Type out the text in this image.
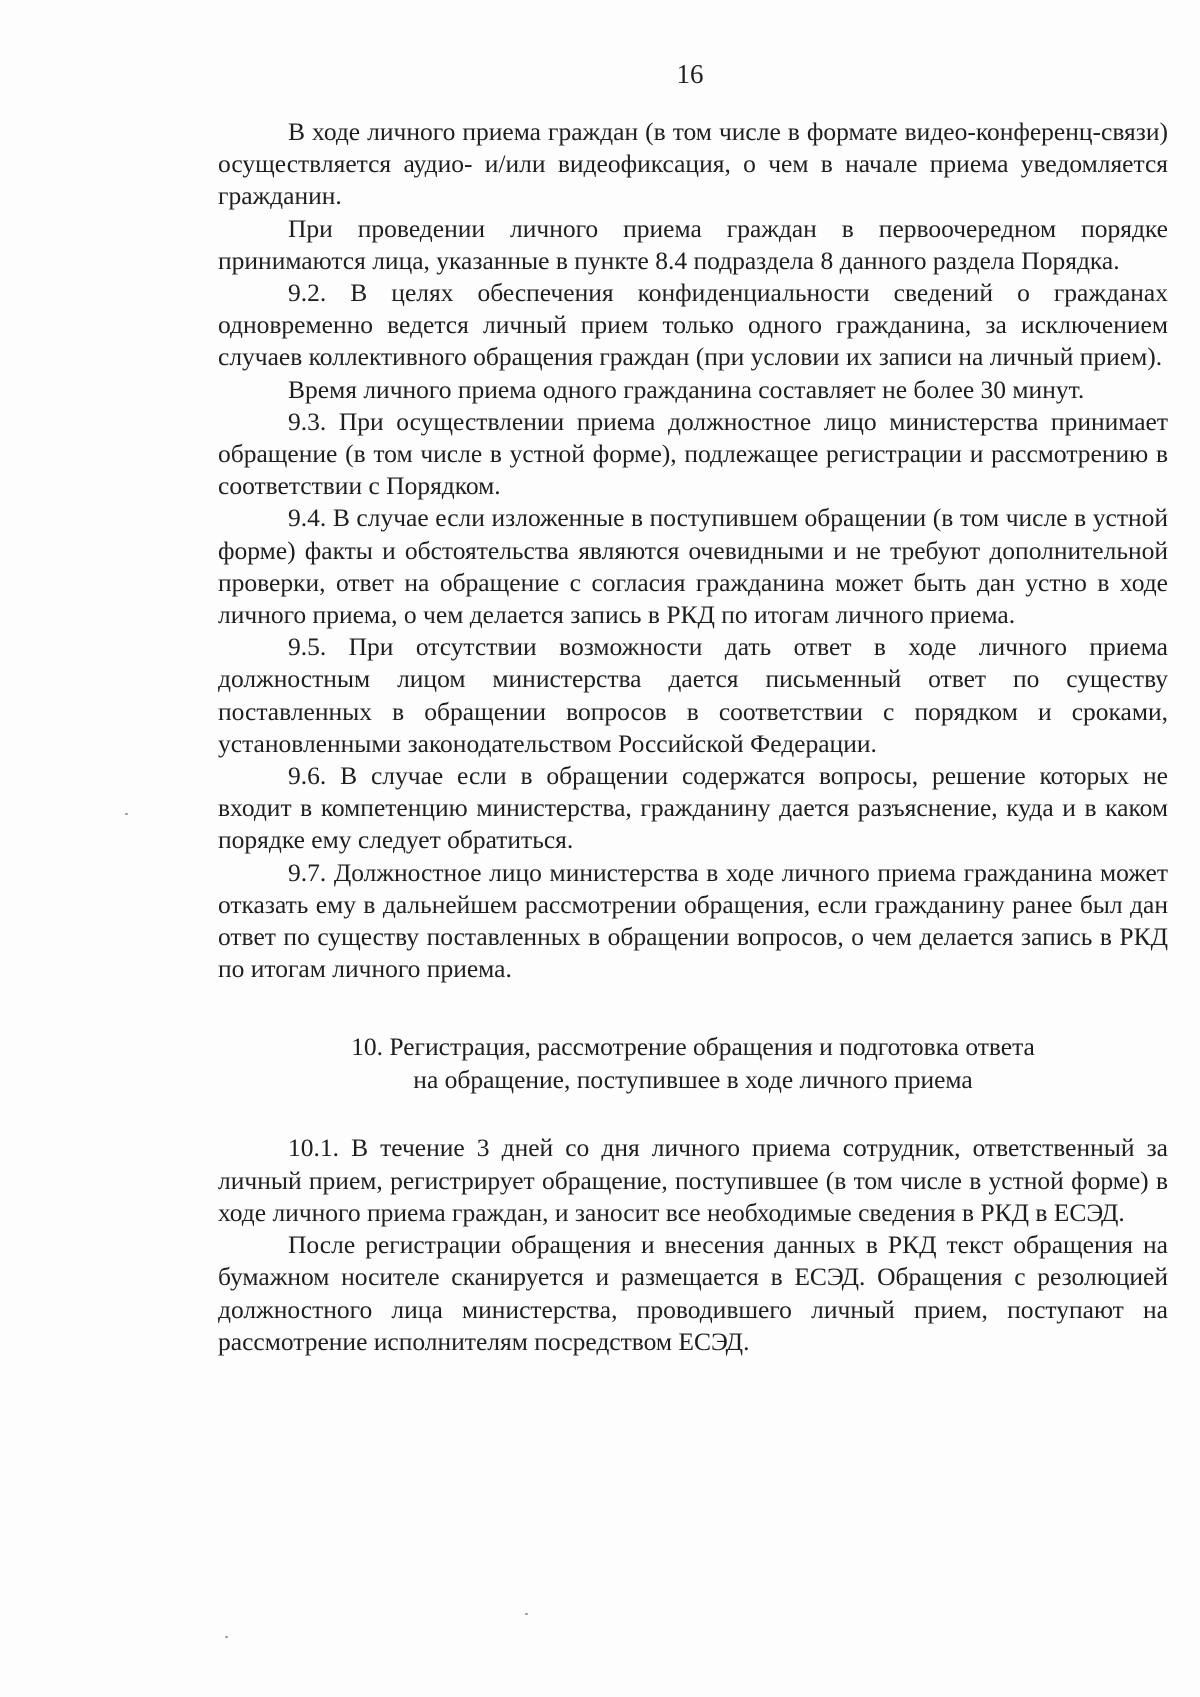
16

В ходе личного приема граждан (в том числе в формате видео-конференц-связи) осуществляется аудио- и/или видеофиксация, о чем в начале приема уведомляется гражданин.

При проведении личного приема граждан в первоочередном порядке принимаются лица, указанные в пункте 8.4 подраздела 8 данного раздела Порядка.

9.2. В целях обеспечения конфиденциальности сведений о гражданах одновременно ведется личный прием только одного гражданина, за исключением случаев коллективного обращения граждан (при условии их записи на личный прием).

Время личного приема одного гражданина составляет не более 30 минут.

9.3. При осуществлении приема должностное лицо министерства принимает обращение (в том числе в устной форме), подлежащее регистрации и рассмотрению в соответствии с Порядком.

9.4. В случае если изложенные в поступившем обращении (в том числе в устной форме) факты и обстоятельства являются очевидными и не требуют дополнительной проверки, ответ на обращение с согласия гражданина может быть дан устно в ходе личного приема, о чем делается запись в РКД по итогам личного приема.

9.5. При отсутствии возможности дать ответ в ходе личного приема должностным лицом министерства дается письменный ответ по существу поставленных в обращении вопросов в соответствии с порядком и сроками, установленными законодательством Российской Федерации.

9.6. В случае если в обращении содержатся вопросы, решение которых не входит в компетенцию министерства, гражданину дается разъяснение, куда и в каком порядке ему следует обратиться.

9.7. Должностное лицо министерства в ходе личного приема гражданина может отказать ему в дальнейшем рассмотрении обращения, если гражданину ранее был дан ответ по существу поставленных в обращении вопросов, о чем делается запись в РКД по итогам личного приема.

10. Регистрация, рассмотрение обращения и подготовка ответа
на обращение, поступившее в ходе личного приема

10.1. В течение 3 дней со дня личного приема сотрудник, ответственный за личный прием, регистрирует обращение, поступившее (в том числе в устной форме) в ходе личного приема граждан, и заносит все необходимые сведения в РКД в ЕСЭД.

После регистрации обращения и внесения данных в РКД текст обращения на бумажном носителе сканируется и размещается в ЕСЭД. Обращения с резолюцией должностного лица министерства, проводившего личный прием, поступают на рассмотрение исполнителям посредством ЕСЭД.
